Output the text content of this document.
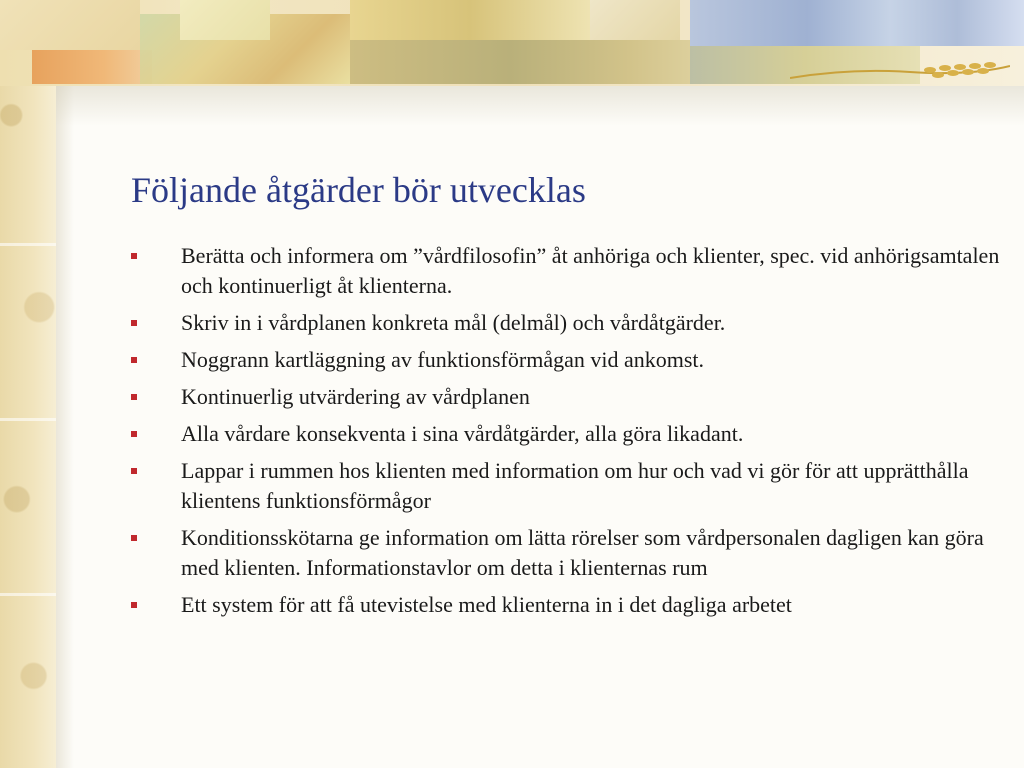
Följande åtgärder bör utvecklas
Berätta och informera om ”vårdfilosofin” åt anhöriga och klienter, spec. vid anhörigsamtalen och kontinuerligt åt klienterna.
Skriv in i vårdplanen konkreta mål (delmål) och vårdåtgärder.
Noggrann kartläggning av funktionsförmågan vid ankomst.
Kontinuerlig utvärdering av vårdplanen
Alla vårdare konsekventa i sina vårdåtgärder, alla göra likadant.
Lappar i rummen hos klienten med information om hur och vad vi gör för att upprätthålla klientens funktionsförmågor
Konditionsskötarna ge information om lätta rörelser som vårdpersonalen dagligen kan göra med klienten. Informationstavlor om detta i klienternas rum
Ett system för att få utevistelse med klienterna in i det dagliga arbetet
